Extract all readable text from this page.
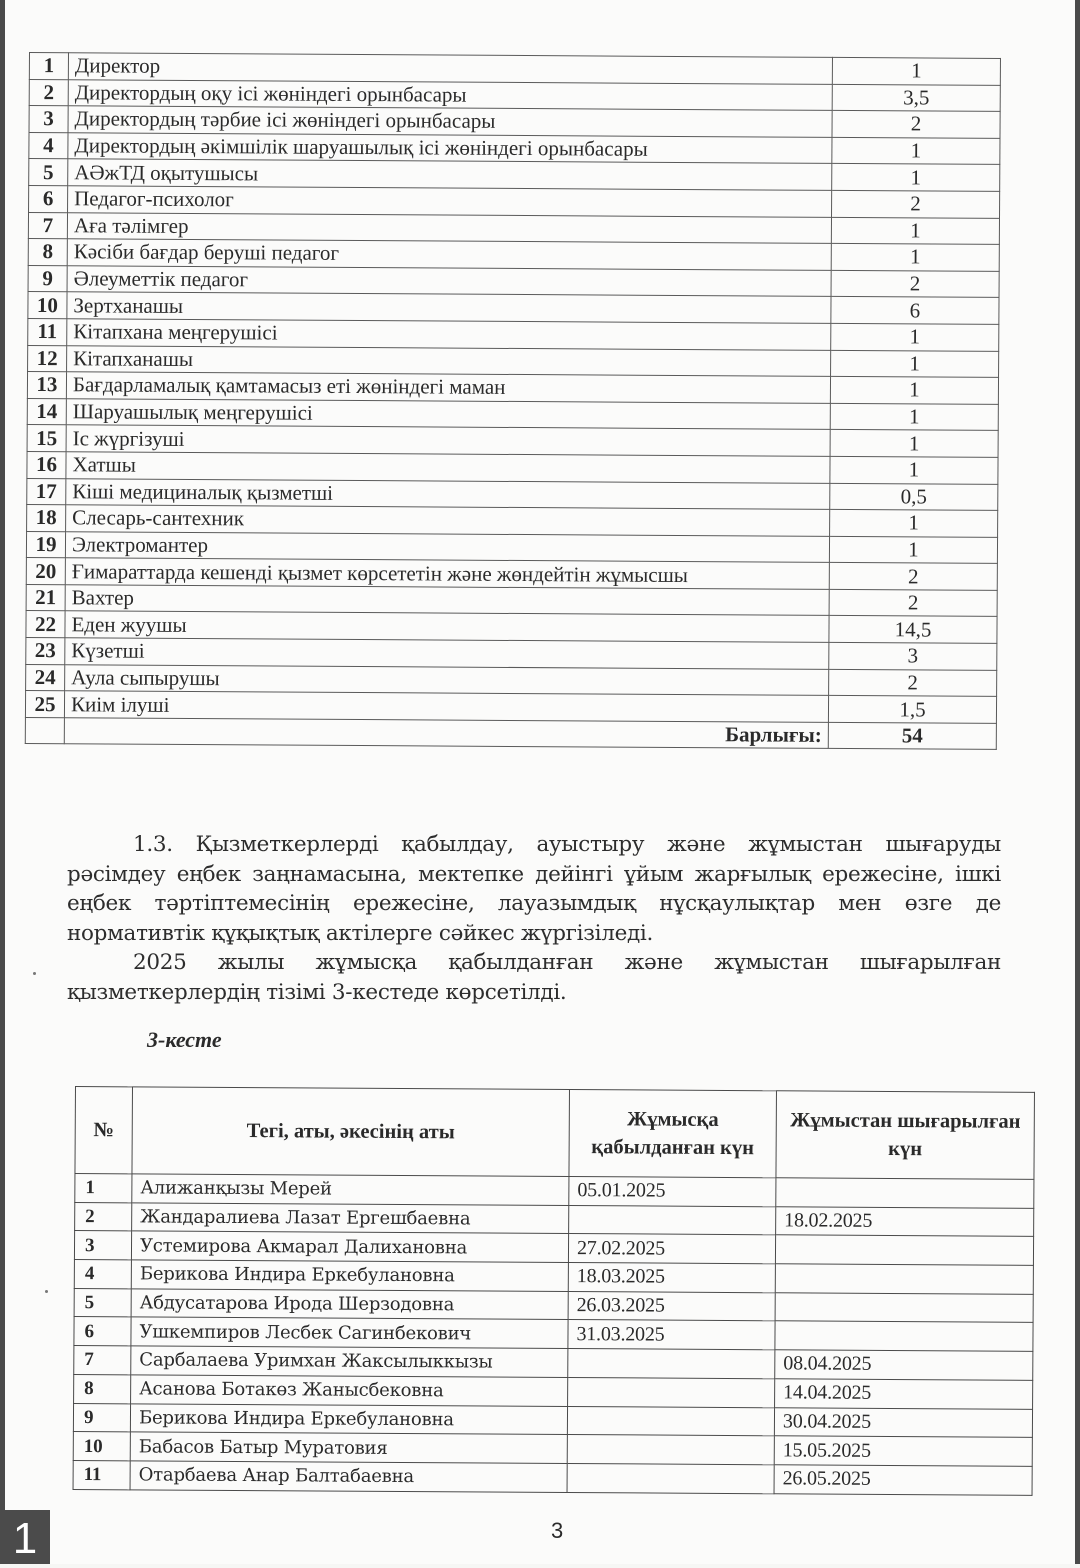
1	Директор	1
2	Директордың оқу ісі жөніндегі орынбасары	3,5
3	Директордың тәрбие ісі жөніндегі орынбасары	2
4	Директордың әкімшілік шаруашылық ісі жөніндегі орынбасары	1
5	АӘжТД оқытушысы	1
6	Педагог-психолог	2
7	Аға тәлімгер	1
8	Кәсіби бағдар беруші педагог	1
9	Әлеуметтік педагог	2
10	Зертханашы	6
11	Кітапхана меңгерушісі	1
12	Кітапханашы	1
13	Бағдарламалық қамтамасыз еті жөніндегі маман	1
14	Шаруашылық меңгерушісі	1
15	Іс жүргізуші	1
16	Хатшы	1
17	Кіші медициналық қызметші	0,5
18	Слесарь-сантехник	1
19	Электромантер	1
20	Ғимараттарда кешенді қызмет көрсететін және жөндейтін жұмысшы	2
21	Вахтер	2
22	Еден жуушы	14,5
23	Күзетші	3
24	Аула сыпырушы	2
25	Киім ілуші	1,5
	Барлығы:	54

1.3. Қызметкерлерді қабылдау, ауыстыру және жұмыстан шығаруды рәсімдеу еңбек заңнамасына, мектепке дейінгі ұйым жарғылық ережесіне, ішкі еңбек тәртіптемесінің ережесіне, лауазымдық нұсқаулықтар мен өзге де нормативтік құқықтық актілерге сәйкес жүргізіледі.

2025 жылы жұмысқа қабылданған және жұмыстан шығарылған қызметкерлердің тізімі 3-кестеде көрсетілді.

3-кесте
№	Тегі, аты, әкесінің аты	Жұмысқа қабылданған күн	Жұмыстан шығарылған күн
1	Алижанқызы Мерей	05.01.2025	
2	Жандаралиева Лазат Ергешбаевна		18.02.2025
3	Устемирова Акмарал Далихановна	27.02.2025	
4	Берикова Индира Еркебулановна	18.03.2025	
5	Абдусатарова Ирода Шерзодовна	26.03.2025	
6	Ушкемпиров Лесбек Сагинбекович	31.03.2025	
7	Сарбалаева Уримхан Жаксылыккызы		08.04.2025
8	Асанова Ботакөз Жанысбековна		14.04.2025
9	Берикова Индира Еркебулановна		30.04.2025
10	Бабасов Батыр Муратовия		15.05.2025
11	Отарбаева Анар Балтабаевна		26.05.2025
3
1
